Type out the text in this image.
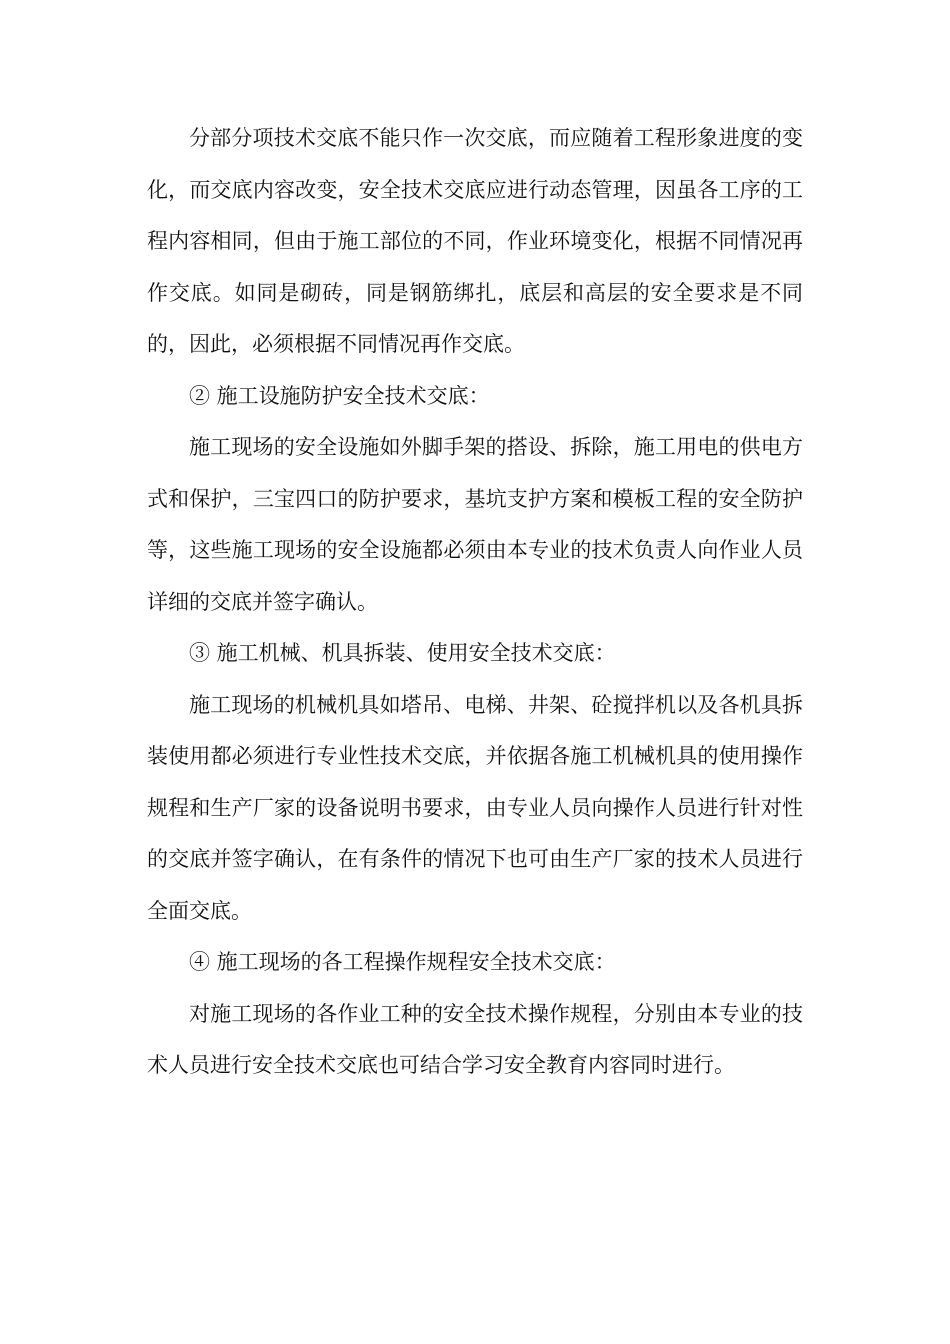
分部分项技术交底不能只作一次交底，而应随着工程形象进度的变化，而交底内容改变，安全技术交底应进行动态管理，因虽各工序的工程内容相同，但由于施工部位的不同，作业环境变化，根据不同情况再作交底。如同是砌砖，同是钢筋绑扎，底层和高层的安全要求是不同的，因此，必须根据不同情况再作交底。

② 施工设施防护安全技术交底：

施工现场的安全设施如外脚手架的搭设、拆除，施工用电的供电方式和保护，三宝四口的防护要求，基坑支护方案和模板工程的安全防护等，这些施工现场的安全设施都必须由本专业的技术负责人向作业人员详细的交底并签字确认。

③ 施工机械、机具拆装、使用安全技术交底：

施工现场的机械机具如塔吊、电梯、井架、砼搅拌机以及各机具拆装使用都必须进行专业性技术交底，并依据各施工机械机具的使用操作规程和生产厂家的设备说明书要求，由专业人员向操作人员进行针对性的交底并签字确认，在有条件的情况下也可由生产厂家的技术人员进行全面交底。

④ 施工现场的各工程操作规程安全技术交底：

对施工现场的各作业工种的安全技术操作规程，分别由本专业的技术人员进行安全技术交底也可结合学习安全教育内容同时进行。
